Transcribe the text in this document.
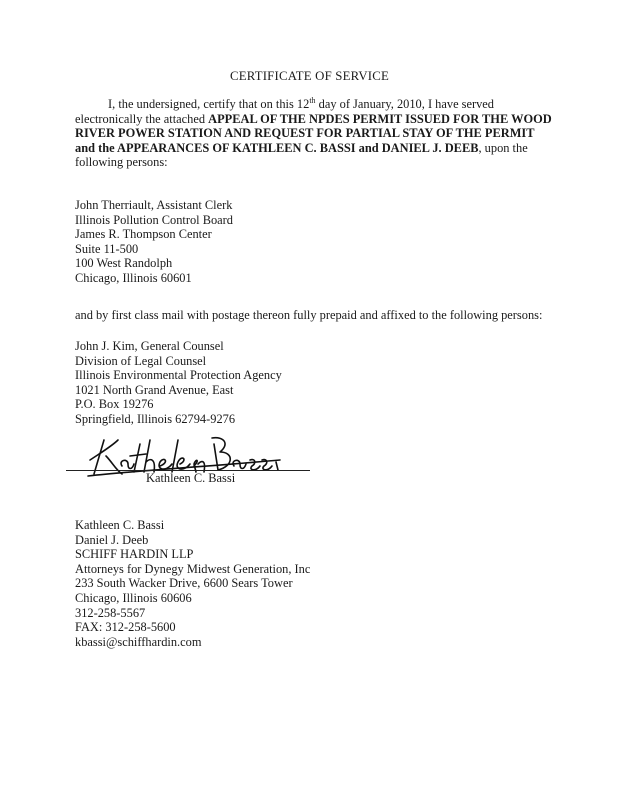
CERTIFICATE OF SERVICE
I, the undersigned, certify that on this 12th day of January, 2010, I have served
electronically the attached APPEAL OF THE NPDES PERMIT ISSUED FOR THE WOOD
RIVER POWER STATION AND REQUEST FOR PARTIAL STAY OF THE PERMIT
and the APPEARANCES OF KATHLEEN C. BASSI and DANIEL J. DEEB, upon the
following persons:
John Therriault, Assistant Clerk
Illinois Pollution Control Board
James R. Thompson Center
Suite 11-500
100 West Randolph
Chicago, Illinois 60601
and by first class mail with postage thereon fully prepaid and affixed to the following persons:
John J. Kim, General Counsel
Division of Legal Counsel
Illinois Environmental Protection Agency
1021 North Grand Avenue, East
P.O. Box 19276
Springfield, Illinois 62794-9276
Kathleen C. Bassi
Kathleen C. Bassi
Daniel J. Deeb
SCHIFF HARDIN LLP
Attorneys for Dynegy Midwest Generation, Inc
233 South Wacker Drive, 6600 Sears Tower
Chicago, Illinois 60606
312-258-5567
FAX: 312-258-5600
kbassi@schiffhardin.com
